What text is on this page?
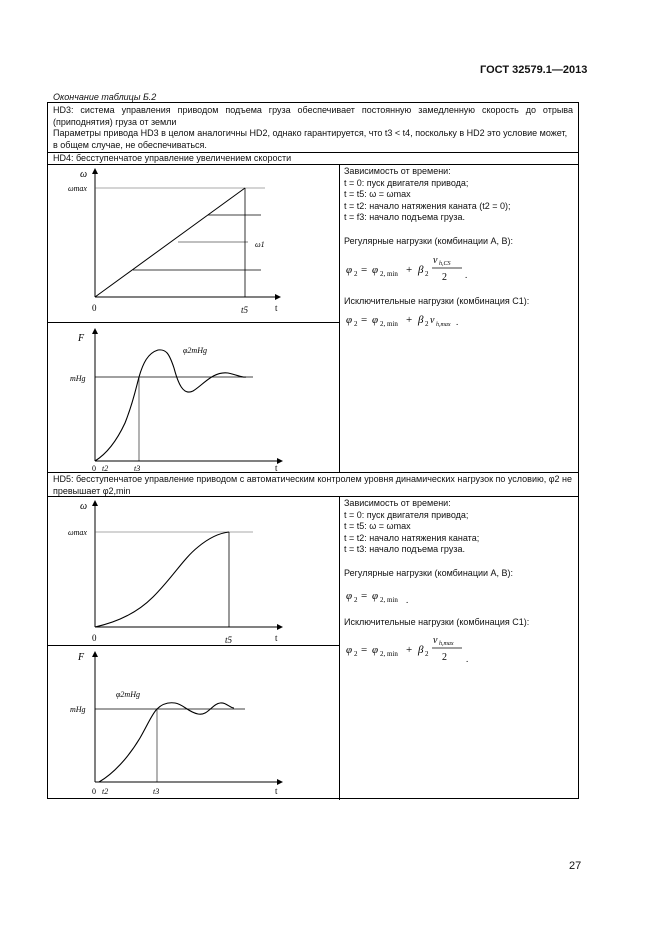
ГОСТ 32579.1—2013
Окончание таблицы Б.2
HD3: система управления приводом подъема груза обеспечивает постоянную замедленную скорость до отрыва (приподнятия) груза от земли
Параметры привода HD3 в целом аналогичны HD2, однако гарантируется, что t3 < t4, поскольку в HD2 это условие может, в общем случае, не обеспечиваться.
HD4: бесступенчатое управление увеличением скорости
ω
ωmax
ω1
0	t5	t
F
mHg
φ2mHg
0 t2	t3	t
Зависимость от времени:
t = 0: пуск двигателя привода;
t = t5: ω = ωmax
t = t2: начало натяжения каната (t2 = 0);
t = f3: начало подъема груза.
Регулярные нагрузки (комбинации А, В):
φ 2 = φ 2, min + β 2
v h,CS
2 .
Исключительные нагрузки (комбинация С1):
φ 2 = φ 2, min + β 2 v h,max .
HD5: бесступенчатое управление приводом с автоматическим контролем уровня динамических нагрузок по условию, φ2 не превышает φ2,min
ω
ωmax
0	t5	t
F
mHg
φ2mHg
0 t2	t3	t
Зависимость от времени:
t = 0: пуск двигателя привода;
t = t5: ω = ωmax
t = t2: начало натяжения каната;
t = t3: начало подъема груза.
Регулярные нагрузки (комбинации А, В):
φ 2 = φ 2, min .
Исключительные нагрузки (комбинация С1):
φ 2 = φ 2, min + β 2
v h,max
2 .
27
